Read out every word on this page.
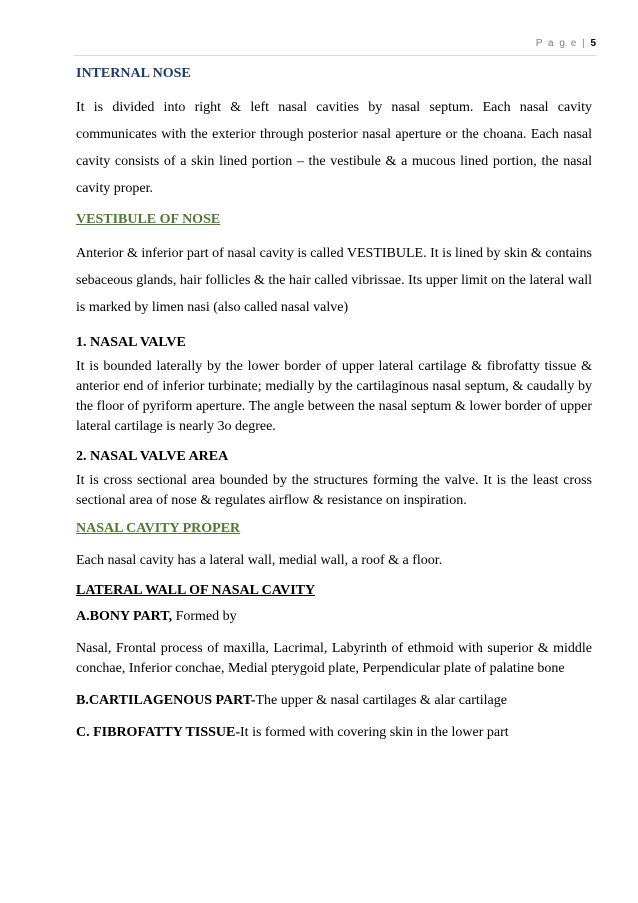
P a g e | 5
INTERNAL NOSE

It is divided into right & left nasal cavities by nasal septum. Each nasal cavity communicates with the exterior through posterior nasal aperture or the choana. Each nasal cavity consists of a skin lined portion – the vestibule & a mucous lined portion, the nasal cavity proper.

VESTIBULE OF NOSE

Anterior & inferior part of nasal cavity is called VESTIBULE. It is lined by skin & contains sebaceous glands, hair follicles & the hair called vibrissae. Its upper limit on the lateral wall is marked by limen nasi (also called nasal valve)

1. NASAL VALVE

It is bounded laterally by the lower border of upper lateral cartilage & fibrofatty tissue & anterior end of inferior turbinate; medially by the cartilaginous nasal septum, & caudally by the floor of pyriform aperture. The angle between the nasal septum & lower border of upper lateral cartilage is nearly 3o degree.

2. NASAL VALVE AREA

It is cross sectional area bounded by the structures forming the valve. It is the least cross sectional area of nose & regulates airflow & resistance on inspiration.

NASAL CAVITY PROPER

Each nasal cavity has a lateral wall, medial wall, a roof & a floor.

LATERAL WALL OF NASAL CAVITY

A.BONY PART, Formed by

Nasal, Frontal process of maxilla, Lacrimal, Labyrinth of ethmoid with superior & middle conchae, Inferior conchae, Medial pterygoid plate, Perpendicular plate of palatine bone

B.CARTILAGENOUS PART-The upper & nasal cartilages & alar cartilage

C. FIBROFATTY TISSUE-It is formed with covering skin in the lower part
